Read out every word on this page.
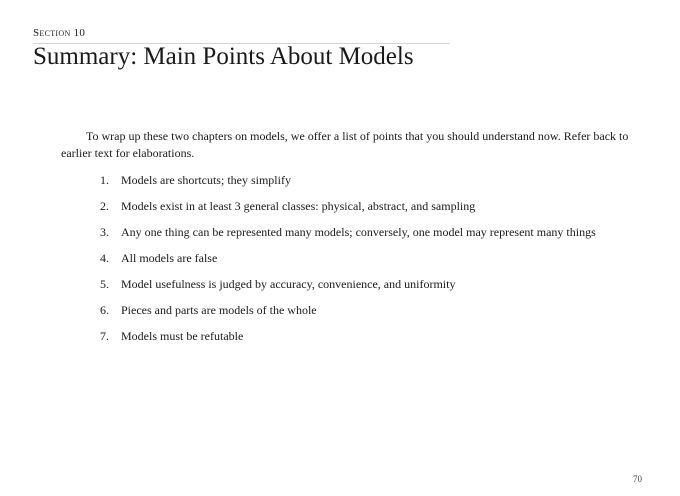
Section 10
Summary: Main Points About Models

To wrap up these two chapters on models, we offer a list of points that you should understand now. Refer back to earlier text for elaborations.

1. Models are shortcuts; they simplify
2. Models exist in at least 3 general classes: physical, abstract, and sampling
3. Any one thing can be represented many models; conversely, one model may represent many things
4. All models are false
5. Model usefulness is judged by accuracy, convenience, and uniformity
6. Pieces and parts are models of the whole
7. Models must be refutable
70
